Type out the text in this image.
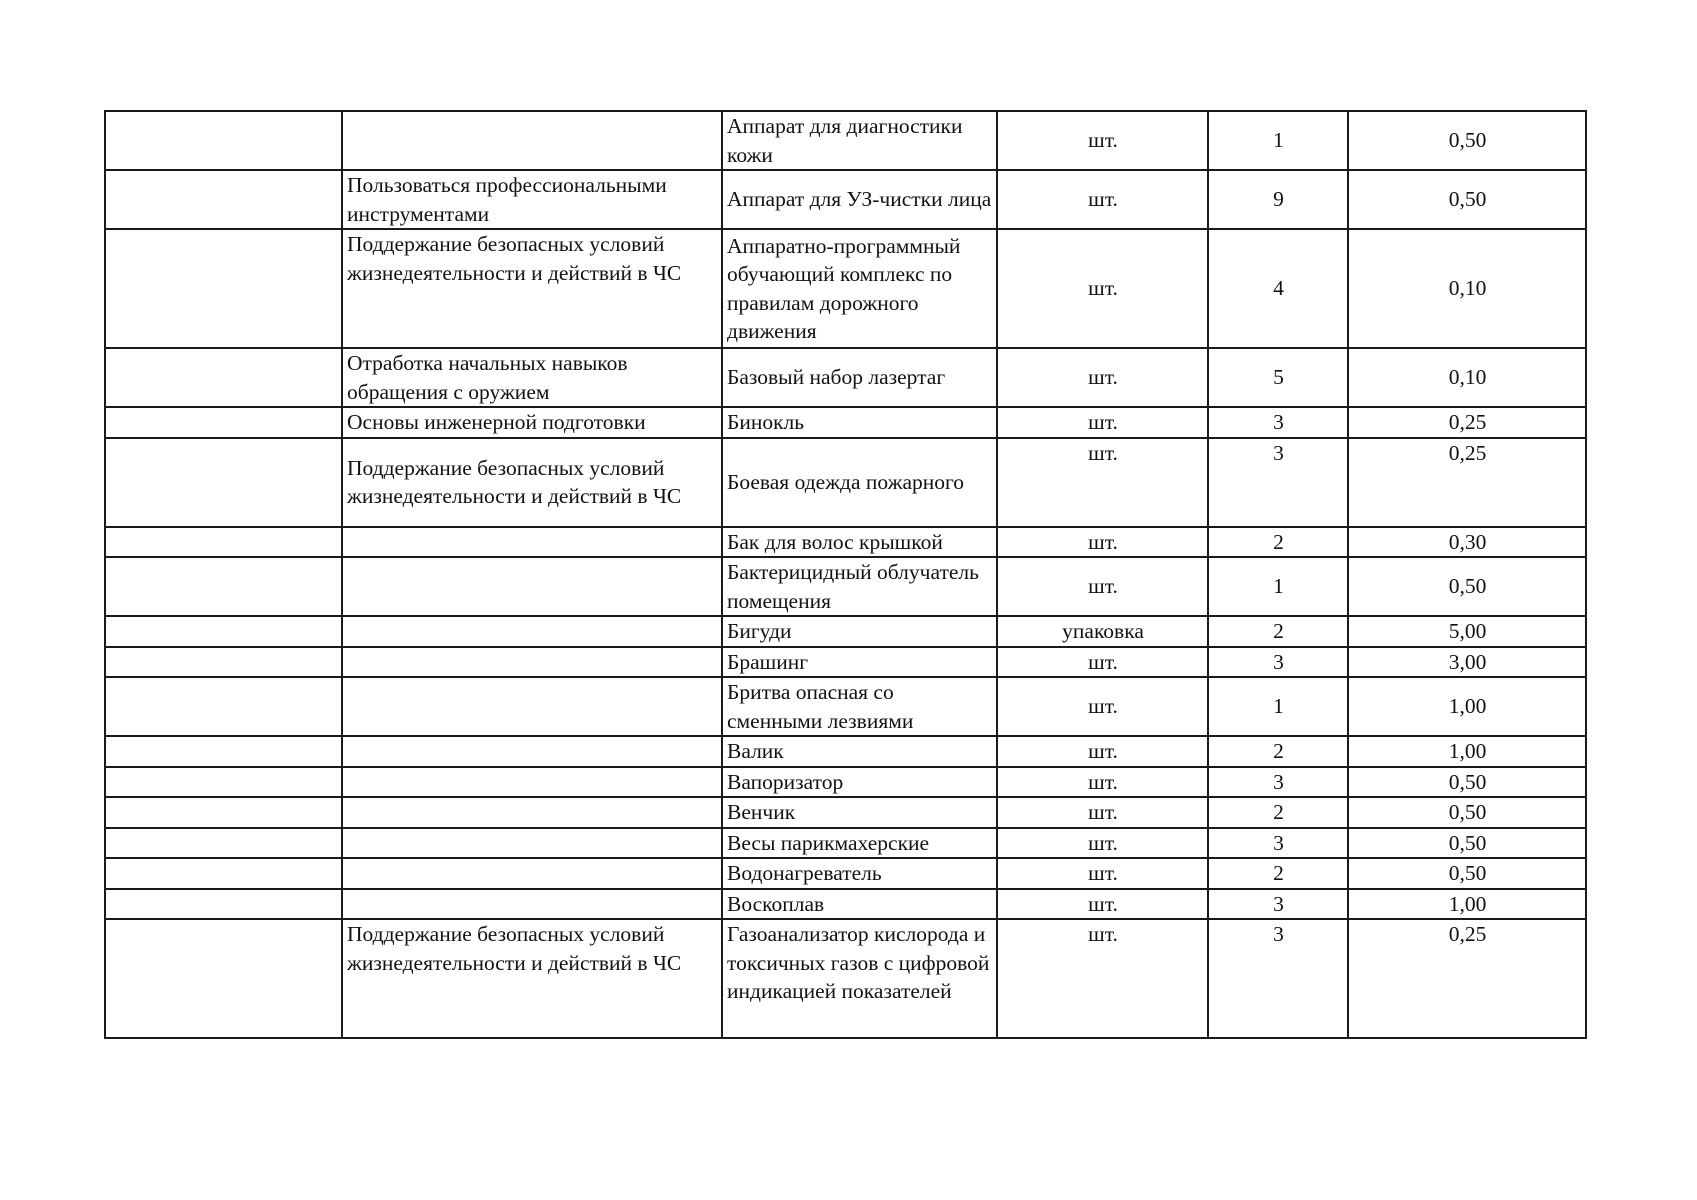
		Аппарат для диагностики кожи	шт.	1	0,50
	Пользоваться профессиональными инструментами	Аппарат для УЗ-чистки лица	шт.	9	0,50
	Поддержание безопасных условий жизнедеятельности и действий в ЧС	Аппаратно-программный обучающий комплекс по правилам дорожного движения	шт.	4	0,10
	Отработка начальных навыков обращения с оружием	Базовый набор лазертаг	шт.	5	0,10
	Основы инженерной подготовки	Бинокль	шт.	3	0,25
	Поддержание безопасных условий жизнедеятельности и действий в ЧС	Боевая одежда пожарного	шт.	3	0,25
		Бак для волос крышкой	шт.	2	0,30
		Бактерицидный облучатель помещения	шт.	1	0,50
		Бигуди	упаковка	2	5,00
		Брашинг	шт.	3	3,00
		Бритва опасная со сменными лезвиями	шт.	1	1,00
		Валик	шт.	2	1,00
		Вапоризатор	шт.	3	0,50
		Венчик	шт.	2	0,50
		Весы парикмахерские	шт.	3	0,50
		Водонагреватель	шт.	2	0,50
		Воскоплав	шт.	3	1,00
	Поддержание безопасных условий жизнедеятельности и действий в ЧС	Газоанализатор кислорода и токсичных газов с цифровой индикацией показателей	шт.	3	0,25
